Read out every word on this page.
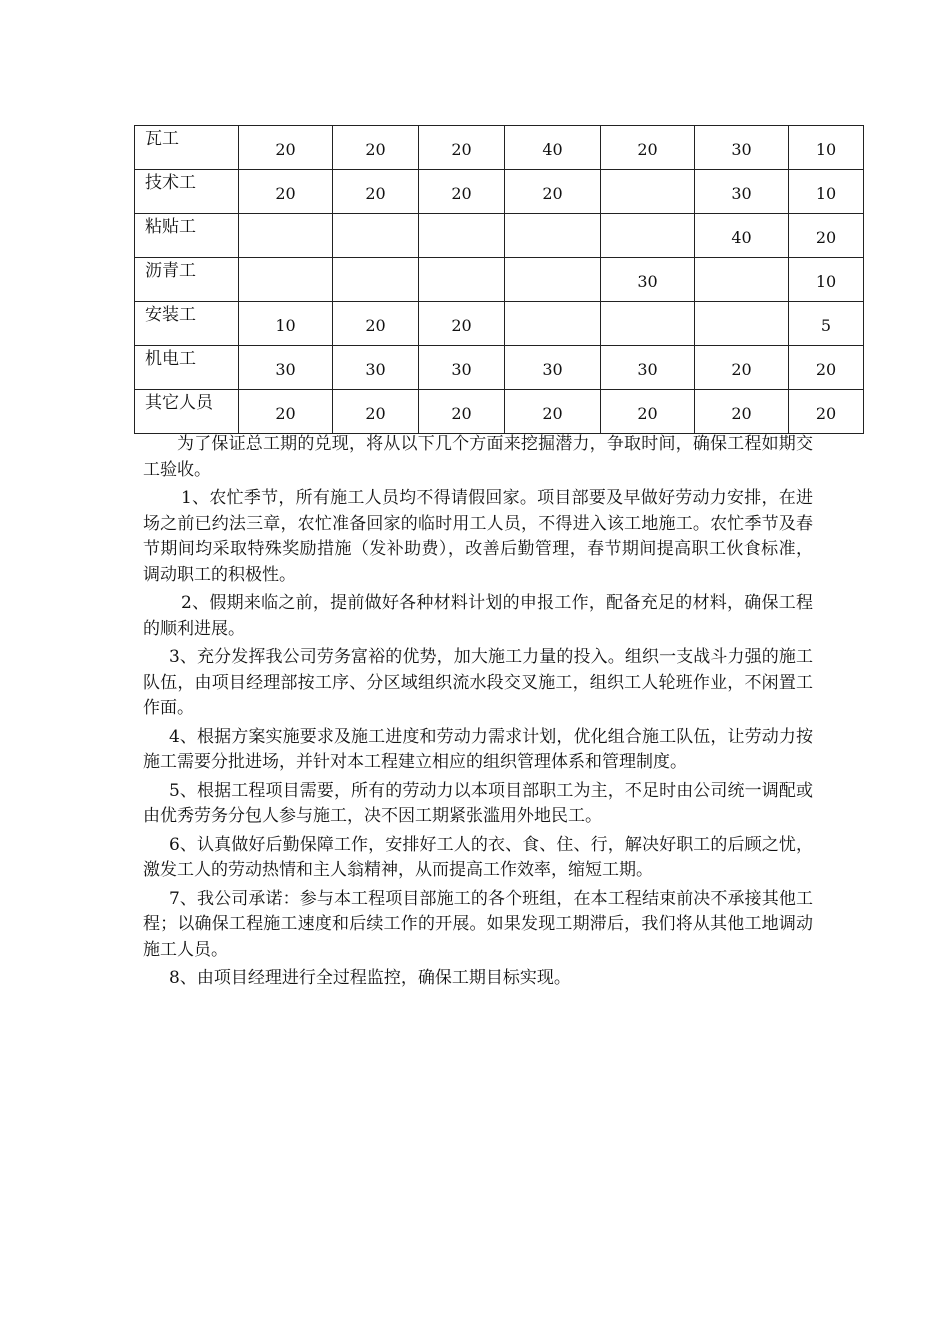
瓦工	20	20	20	40	20	30	10
技术工	20	20	20	20		30	10
粘贴工						40	20
沥青工					30		10
安装工	10	20	20				5
机电工	30	30	30	30	30	20	20
其它人员	20	20	20	20	20	20	20

为了保证总工期的兑现，将从以下几个方面来挖掘潜力，争取时间，确保工程如期交工验收。

1、农忙季节，所有施工人员均不得请假回家。项目部要及早做好劳动力安排，在进场之前已约法三章，农忙准备回家的临时用工人员，不得进入该工地施工。农忙季节及春节期间均采取特殊奖励措施（发补助费），改善后勤管理，春节期间提高职工伙食标准，调动职工的积极性。

2、假期来临之前，提前做好各种材料计划的申报工作，配备充足的材料，确保工程的顺利进展。

3、充分发挥我公司劳务富裕的优势，加大施工力量的投入。组织一支战斗力强的施工队伍，由项目经理部按工序、分区域组织流水段交叉施工，组织工人轮班作业，不闲置工作面。

4、根据方案实施要求及施工进度和劳动力需求计划，优化组合施工队伍，让劳动力按施工需要分批进场，并针对本工程建立相应的组织管理体系和管理制度。

5、根据工程项目需要，所有的劳动力以本项目部职工为主，不足时由公司统一调配或由优秀劳务分包人参与施工，决不因工期紧张滥用外地民工。

6、认真做好后勤保障工作，安排好工人的衣、食、住、行，解决好职工的后顾之忧，激发工人的劳动热情和主人翁精神，从而提高工作效率，缩短工期。

7、我公司承诺：参与本工程项目部施工的各个班组，在本工程结束前决不承接其他工程；以确保工程施工速度和后续工作的开展。如果发现工期滞后，我们将从其他工地调动施工人员。

8、由项目经理进行全过程监控，确保工期目标实现。
